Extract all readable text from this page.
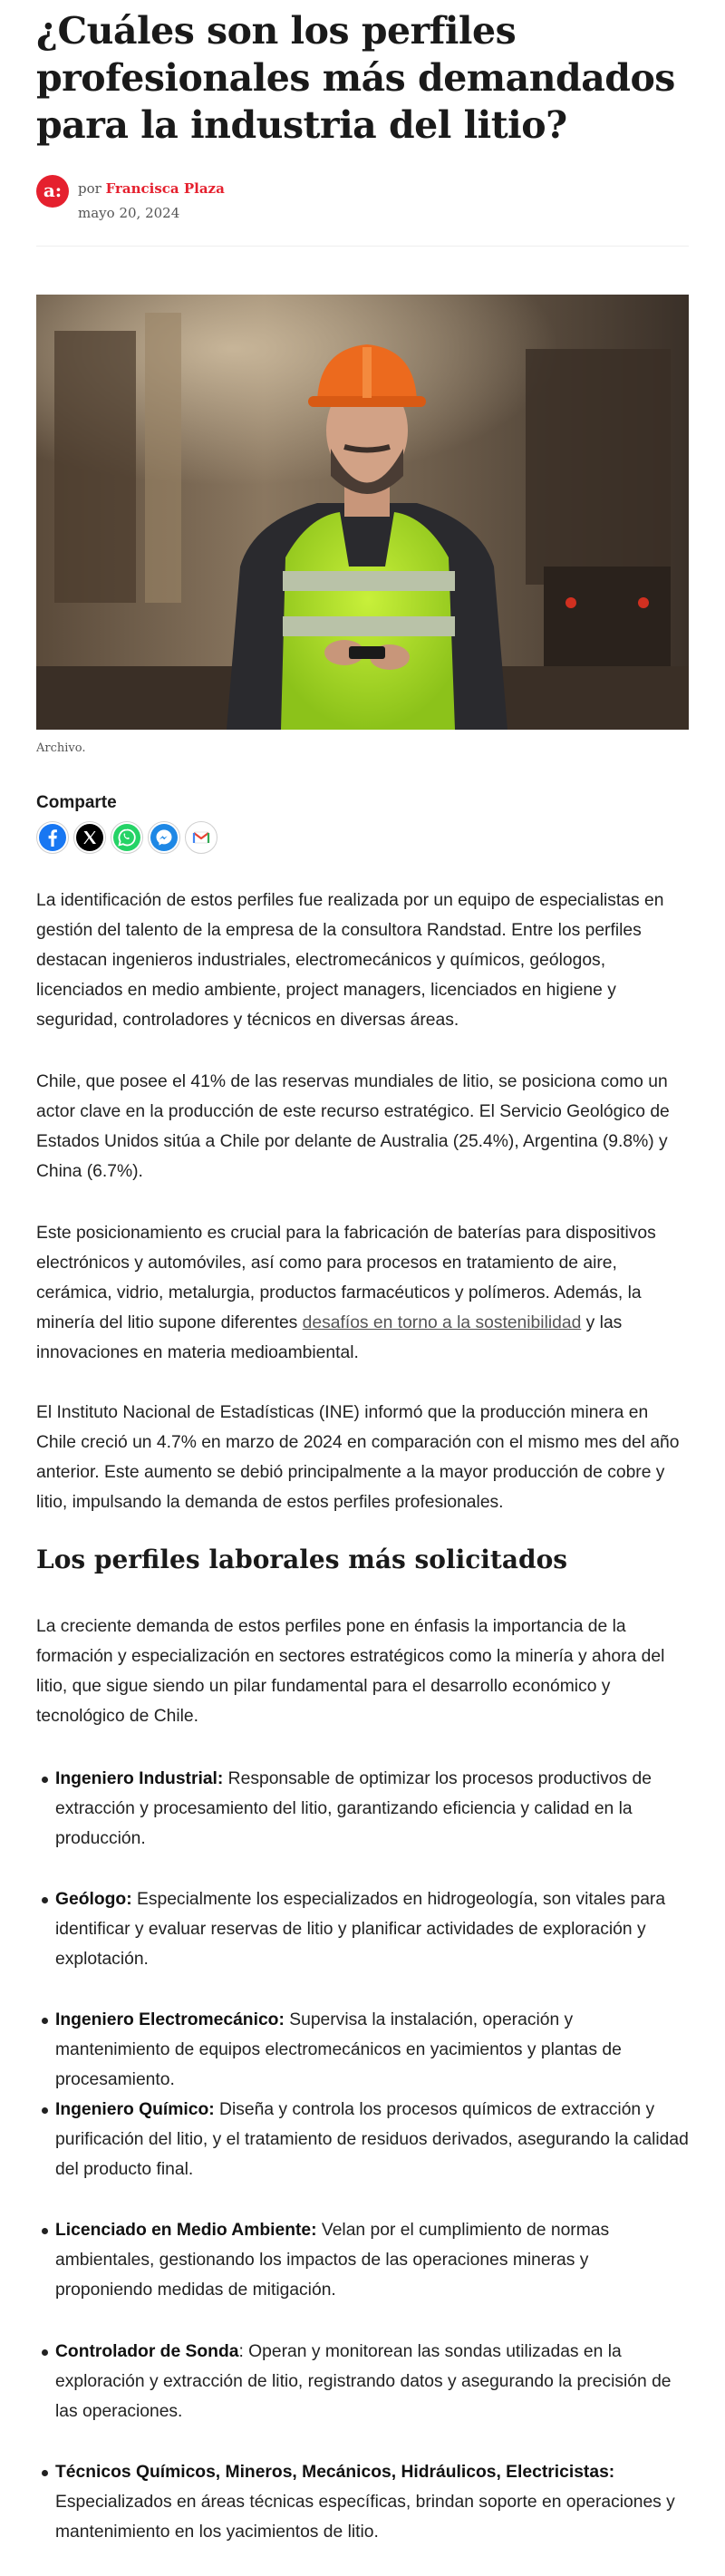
¿Cuáles son los perfiles profesionales más demandados para la industria del litio?
a:	por Francisca Plaza
mayo 20, 2024
Archivo.
Comparte

La identificación de estos perfiles fue realizada por un equipo de especialistas en gestión del talento de la empresa de la consultora Randstad. Entre los perfiles destacan ingenieros industriales, electromecánicos y químicos, geólogos, licenciados en medio ambiente, project managers, licenciados en higiene y seguridad, controladores y técnicos en diversas áreas.

Chile, que posee el 41% de las reservas mundiales de litio, se posiciona como un actor clave en la producción de este recurso estratégico. El Servicio Geológico de Estados Unidos sitúa a Chile por delante de Australia (25.4%), Argentina (9.8%) y China (6.7%).

Este posicionamiento es crucial para la fabricación de baterías para dispositivos electrónicos y automóviles, así como para procesos en tratamiento de aire, cerámica, vidrio, metalurgia, productos farmacéuticos y polímeros. Además, la minería del litio supone diferentes desafíos en torno a la sostenibilidad y las innovaciones en materia medioambiental.

El Instituto Nacional de Estadísticas (INE) informó que la producción minera en Chile creció un 4.7% en marzo de 2024 en comparación con el mismo mes del año anterior. Este aumento se debió principalmente a la mayor producción de cobre y litio, impulsando la demanda de estos perfiles profesionales.

Los perfiles laborales más solicitados

La creciente demanda de estos perfiles pone en énfasis la importancia de la formación y especialización en sectores estratégicos como la minería y ahora del litio, que sigue siendo un pilar fundamental para el desarrollo económico y tecnológico de Chile.

Ingeniero Industrial: Responsable de optimizar los procesos productivos de extracción y procesamiento del litio, garantizando eficiencia y calidad en la producción.

Geólogo: Especialmente los especializados en hidrogeología, son vitales para identificar y evaluar reservas de litio y planificar actividades de exploración y explotación.

Ingeniero Electromecánico: Supervisa la instalación, operación y mantenimiento de equipos electromecánicos en yacimientos y plantas de procesamiento.

Ingeniero Químico: Diseña y controla los procesos químicos de extracción y purificación del litio, y el tratamiento de residuos derivados, asegurando la calidad del producto final.

Licenciado en Medio Ambiente: Velan por el cumplimiento de normas ambientales, gestionando los impactos de las operaciones mineras y proponiendo medidas de mitigación.

Controlador de Sonda: Operan y monitorean las sondas utilizadas en la exploración y extracción de litio, registrando datos y asegurando la precisión de las operaciones.

Técnicos Químicos, Mineros, Mecánicos, Hidráulicos, Electricistas: Especializados en áreas técnicas específicas, brindan soporte en operaciones y mantenimiento en los yacimientos de litio.
